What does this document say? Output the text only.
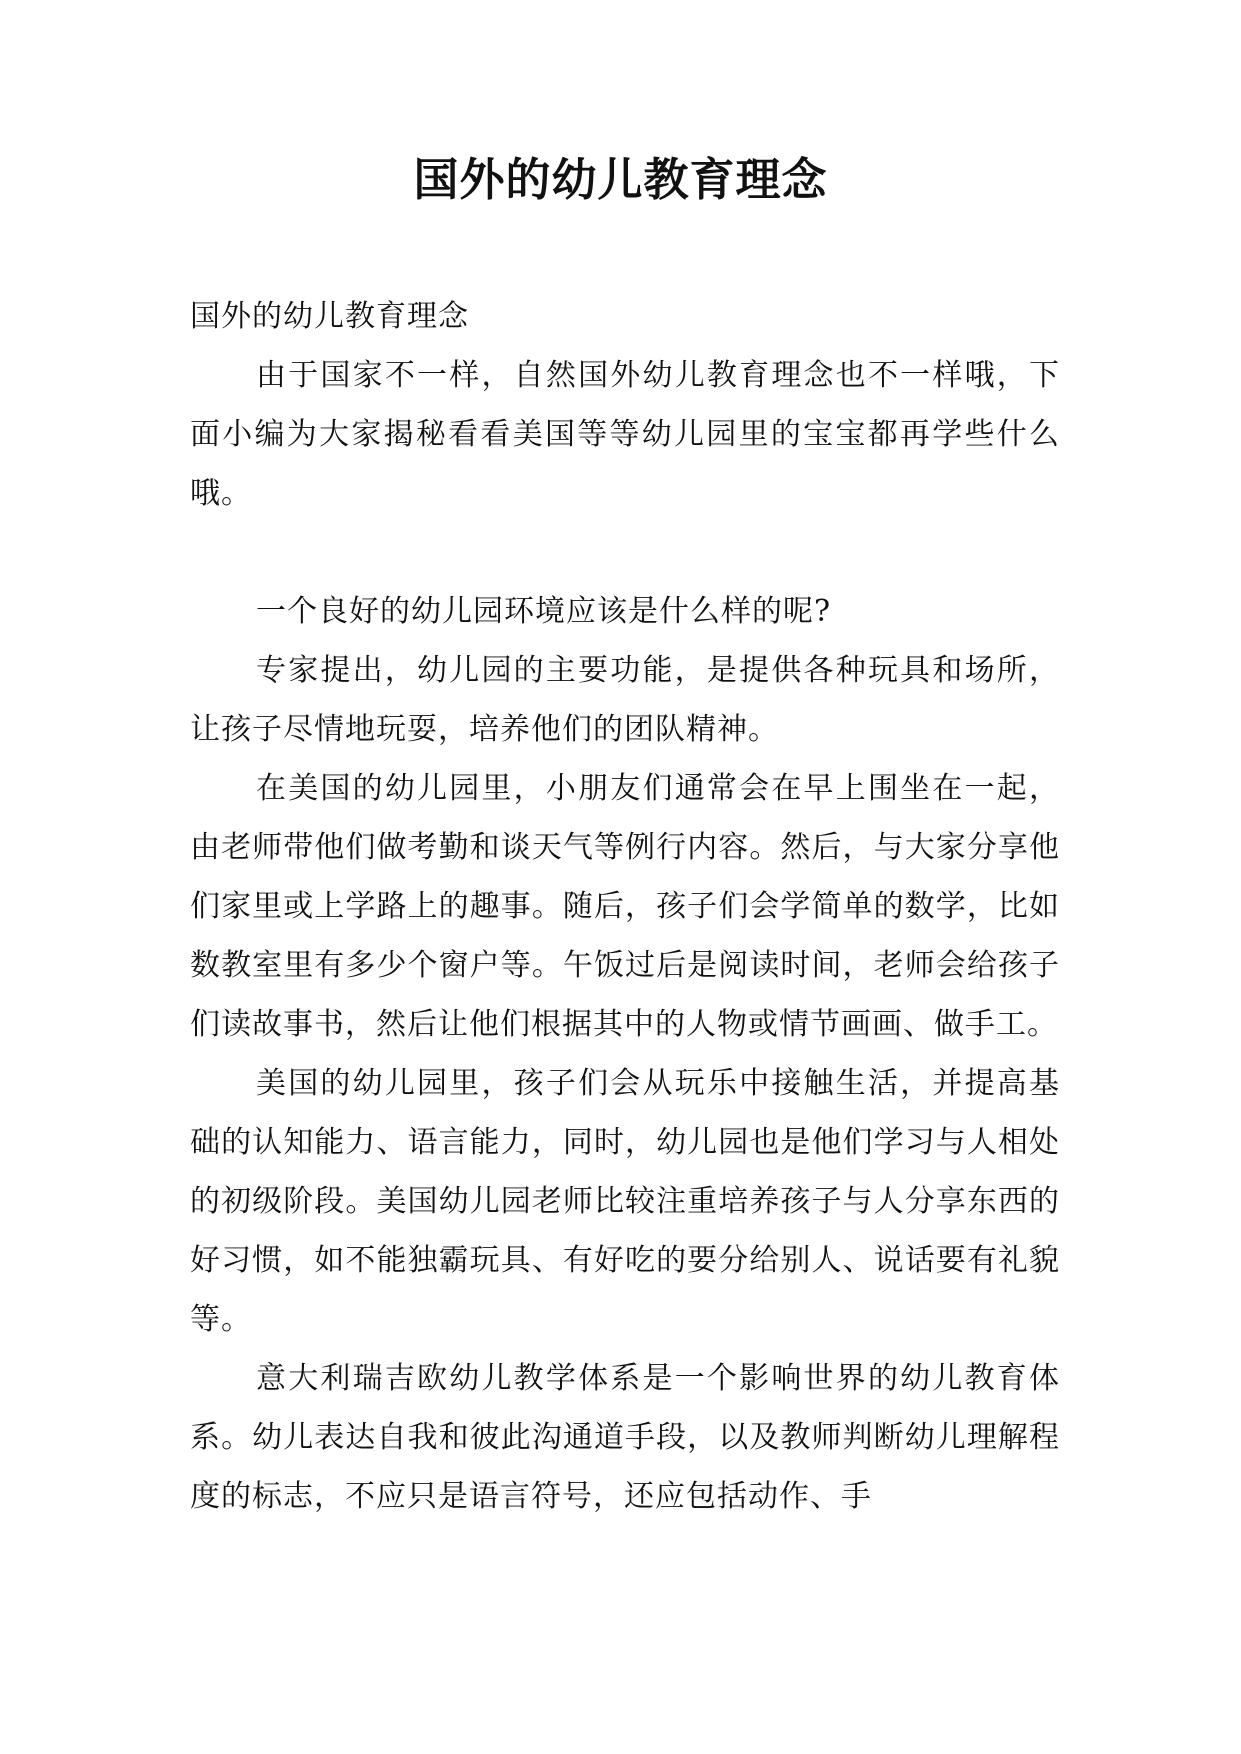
国外的幼儿教育理念

国外的幼儿教育理念

由于国家不一样，自然国外幼儿教育理念也不一样哦，下面小编为大家揭秘看看美国等等幼儿园里的宝宝都再学些什么哦。

一个良好的幼儿园环境应该是什么样的呢?

专家提出，幼儿园的主要功能，是提供各种玩具和场所，让孩子尽情地玩耍，培养他们的团队精神。

在美国的幼儿园里，小朋友们通常会在早上围坐在一起，由老师带他们做考勤和谈天气等例行内容。然后，与大家分享他们家里或上学路上的趣事。随后，孩子们会学简单的数学，比如数教室里有多少个窗户等。午饭过后是阅读时间，老师会给孩子们读故事书，然后让他们根据其中的人物或情节画画、做手工。

美国的幼儿园里，孩子们会从玩乐中接触生活，并提高基础的认知能力、语言能力，同时，幼儿园也是他们学习与人相处的初级阶段。美国幼儿园老师比较注重培养孩子与人分享东西的好习惯，如不能独霸玩具、有好吃的要分给别人、说话要有礼貌等。

意大利瑞吉欧幼儿教学体系是一个影响世界的幼儿教育体系。幼儿表达自我和彼此沟通道手段，以及教师判断幼儿理解程度的标志，不应只是语言符号，还应包括动作、手
